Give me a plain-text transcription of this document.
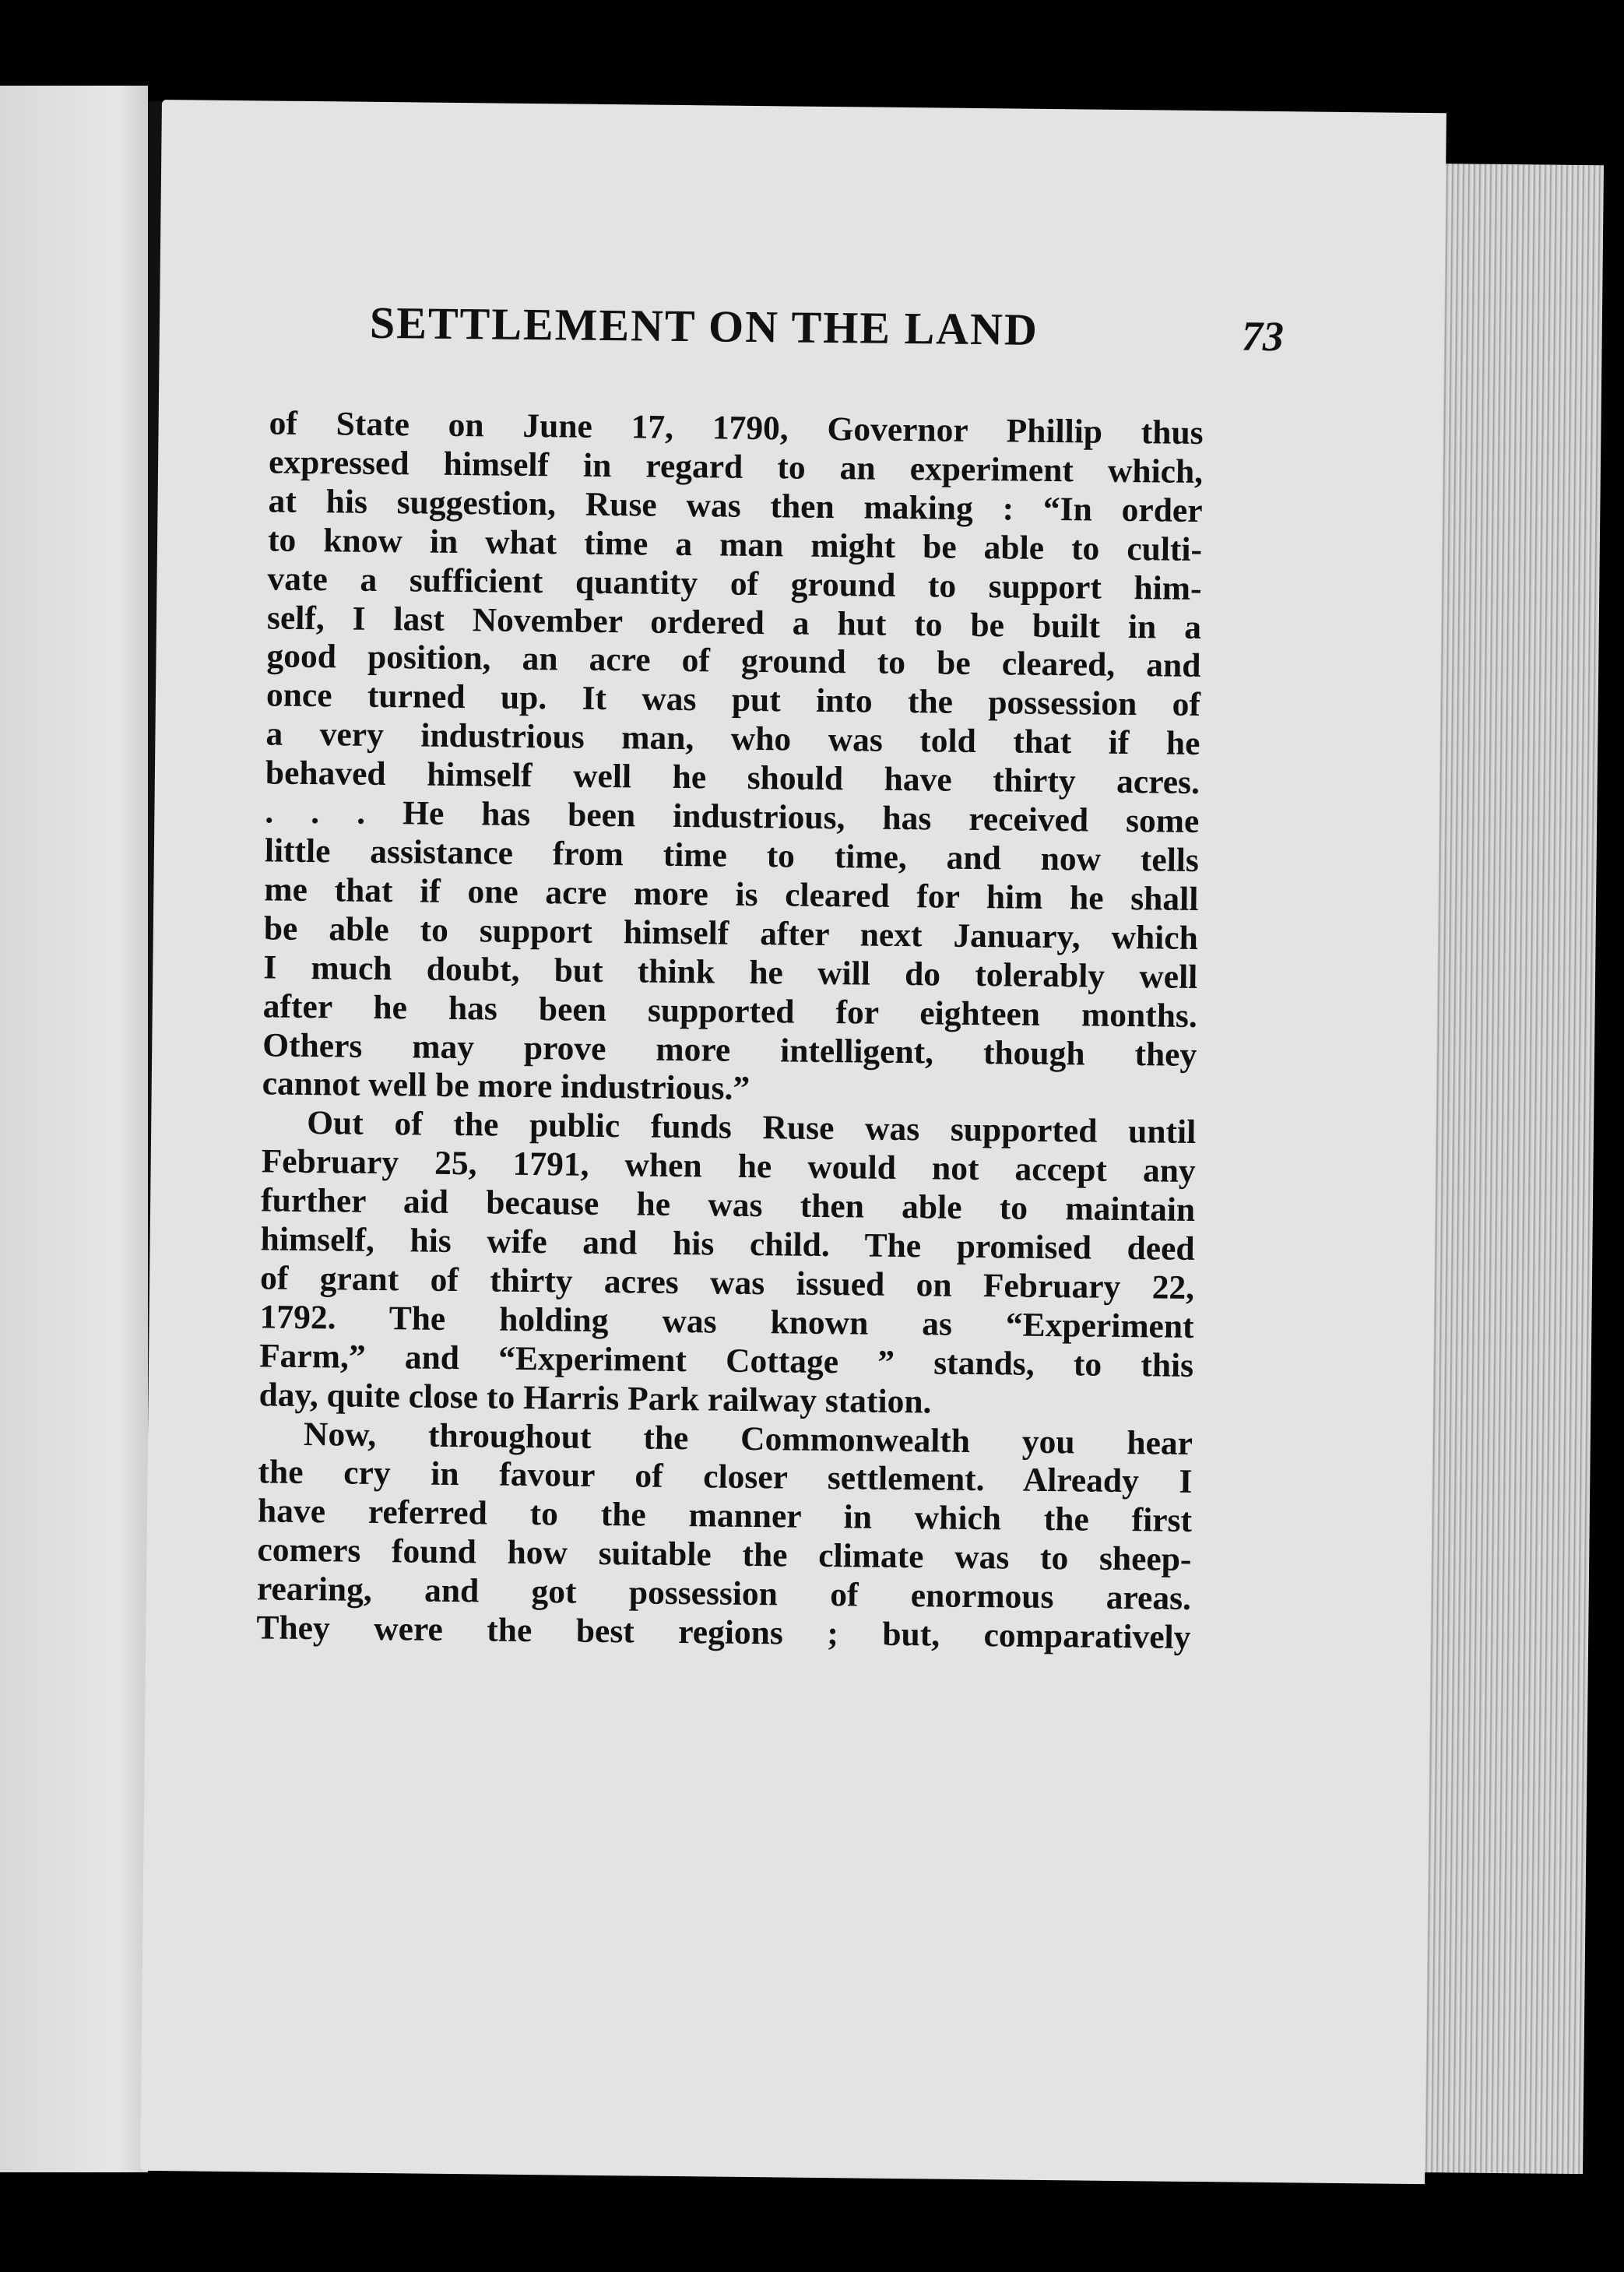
SETTLEMENT ON THE LAND	73
of State on June 17, 1790, Governor Phillip thus
expressed himself in regard to an experiment which,
at his suggestion, Ruse was then making : “In order
to know in what time a man might be able to culti-
vate a sufficient quantity of ground to support him-
self, I last November ordered a hut to be built in a
good position, an acre of ground to be cleared, and
once turned up. It was put into the possession of
a very industrious man, who was told that if he
behaved himself well he should have thirty acres.
. . . He has been industrious, has received some
little assistance from time to time, and now tells
me that if one acre more is cleared for him he shall
be able to support himself after next January, which
I much doubt, but think he will do tolerably well
after he has been supported for eighteen months.
Others may prove more intelligent, though they
cannot well be more industrious.”
Out of the public funds Ruse was supported until
February 25, 1791, when he would not accept any
further aid because he was then able to maintain
himself, his wife and his child. The promised deed
of grant of thirty acres was issued on February 22,
1792. The holding was known as “Experiment
Farm,” and “Experiment Cottage ” stands, to this
day, quite close to Harris Park railway station.
Now, throughout the Commonwealth you hear
the cry in favour of closer settlement. Already I
have referred to the manner in which the first
comers found how suitable the climate was to sheep-
rearing, and got possession of enormous areas.
They were the best regions ; but, comparatively
